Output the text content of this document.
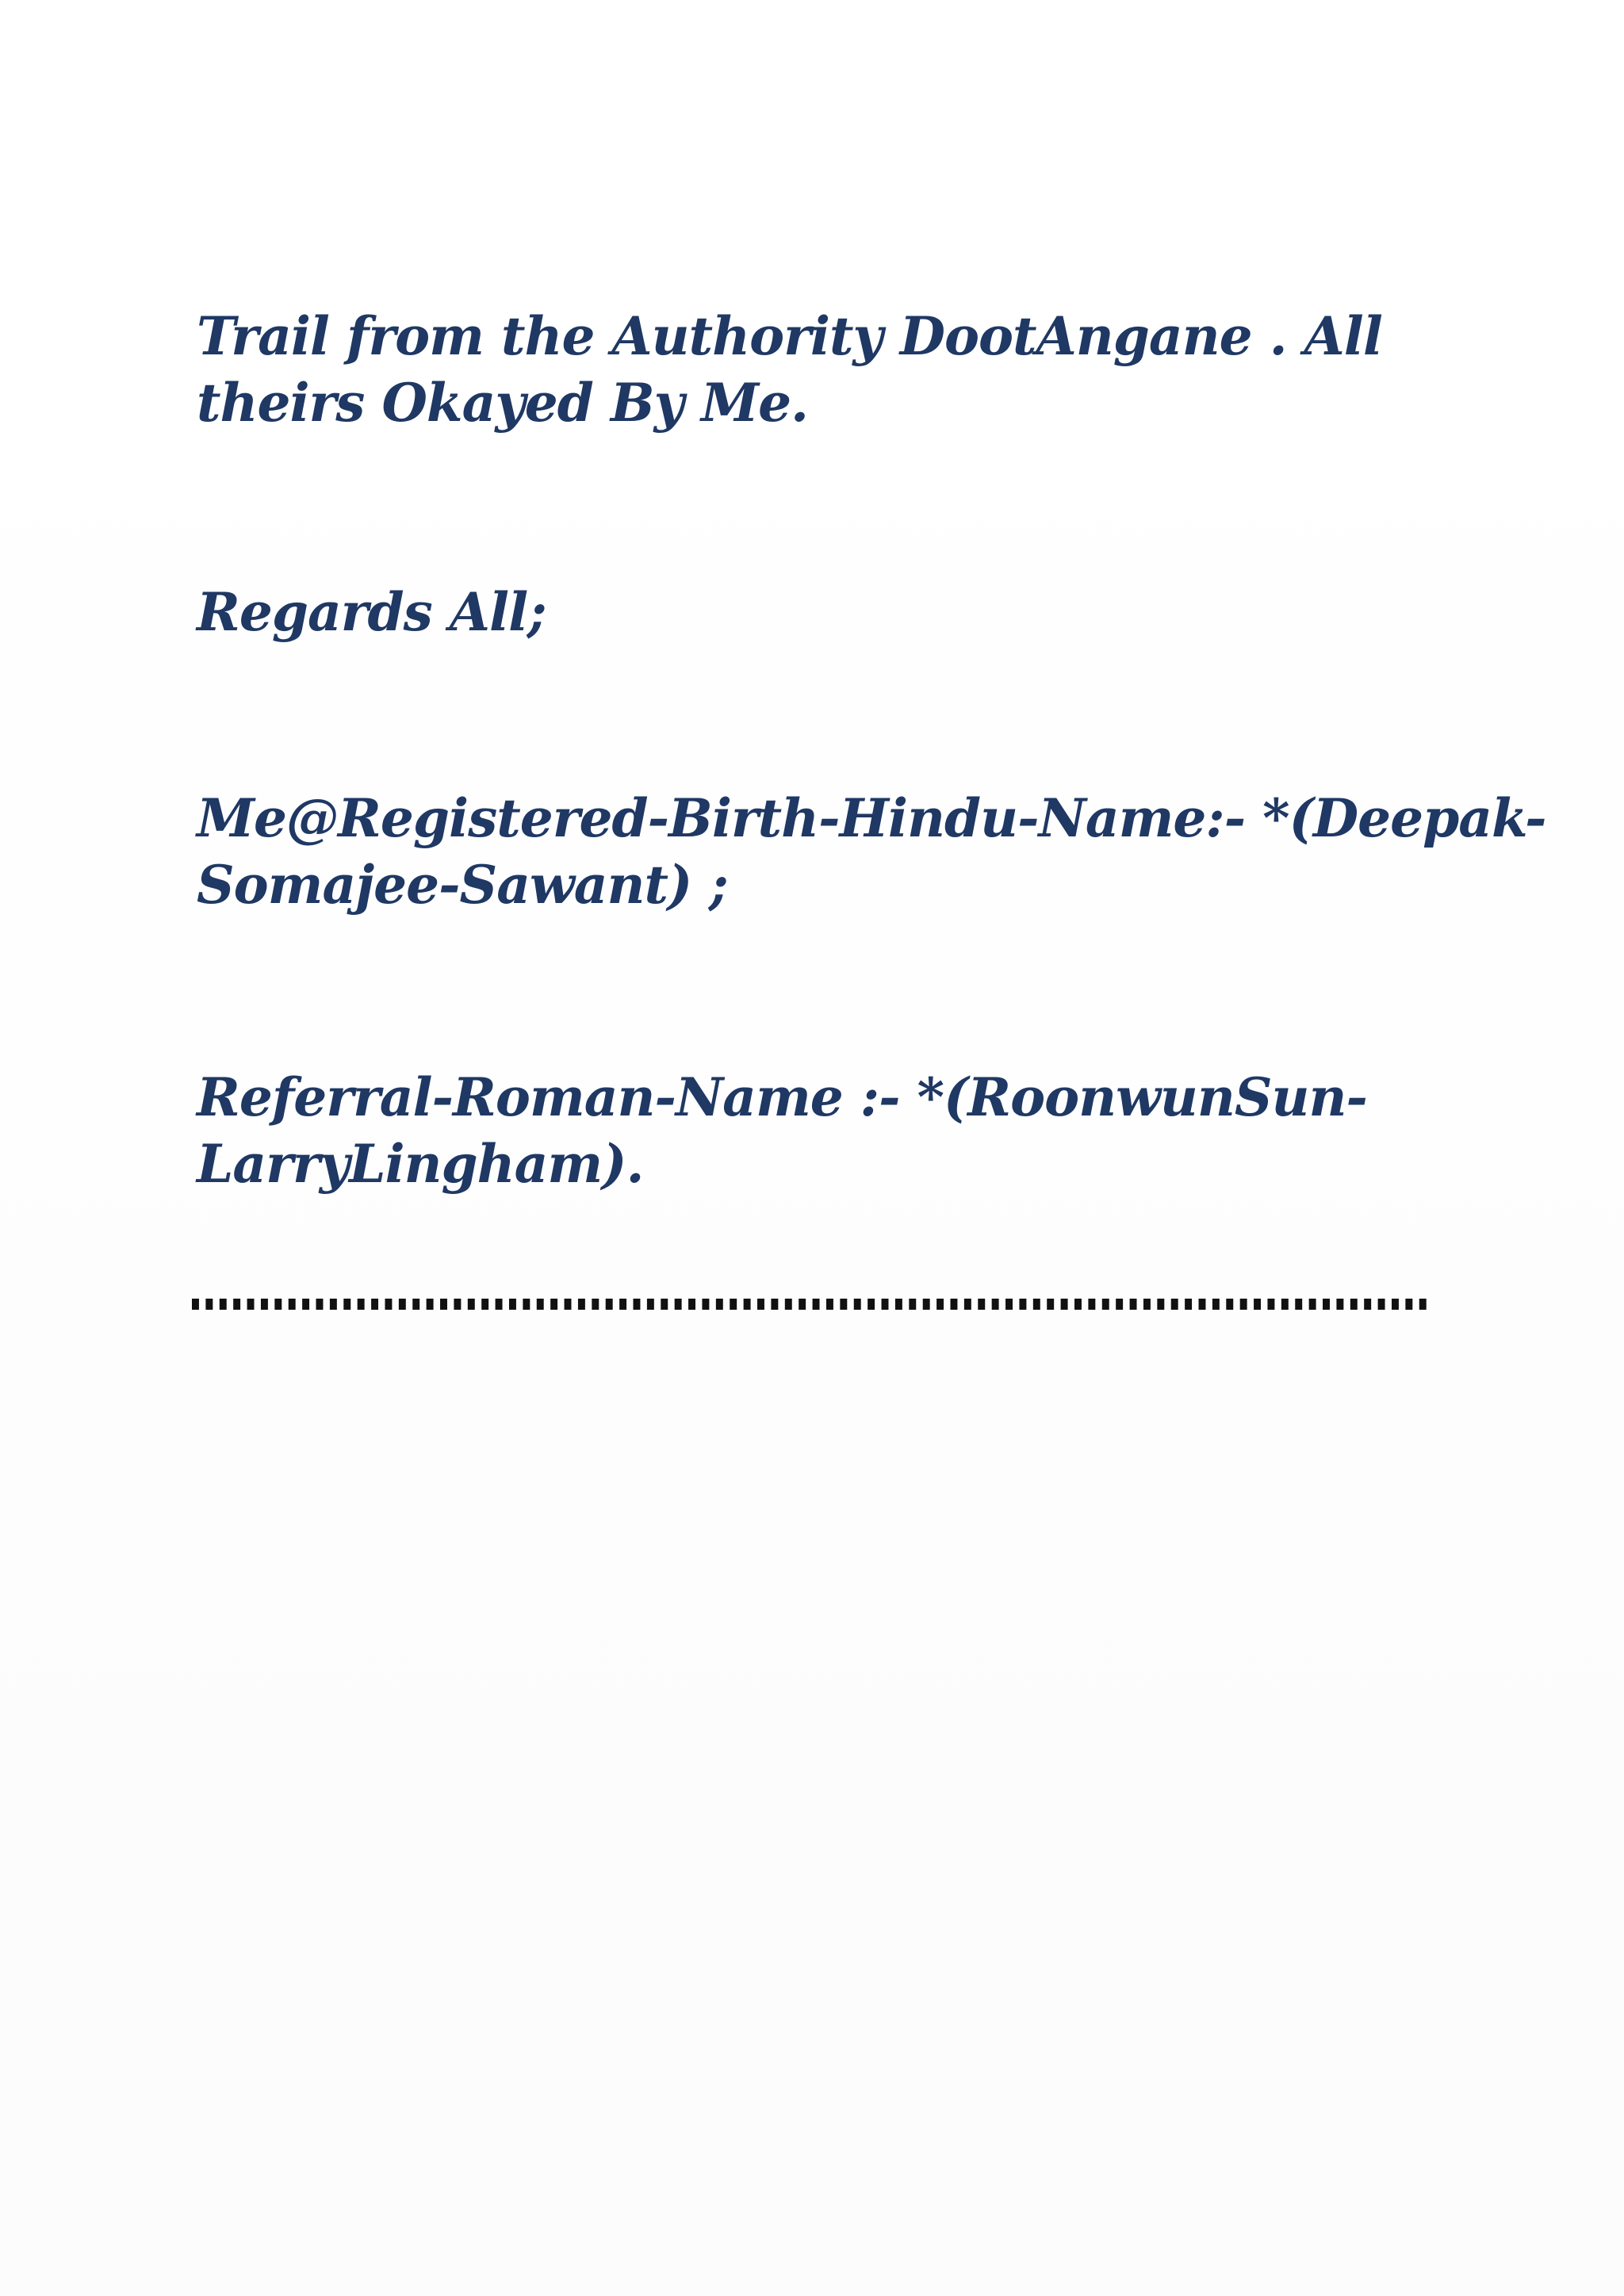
Trail from the Authority DootAngane . All
theirs Okayed By Me.

Regards All;

Me@Registered-Birth-Hindu-Name:- *(Deepak-
Somajee-Sawant) ;

Referral-Roman-Name :- *(RoonwunSun-
LarryLingham).
